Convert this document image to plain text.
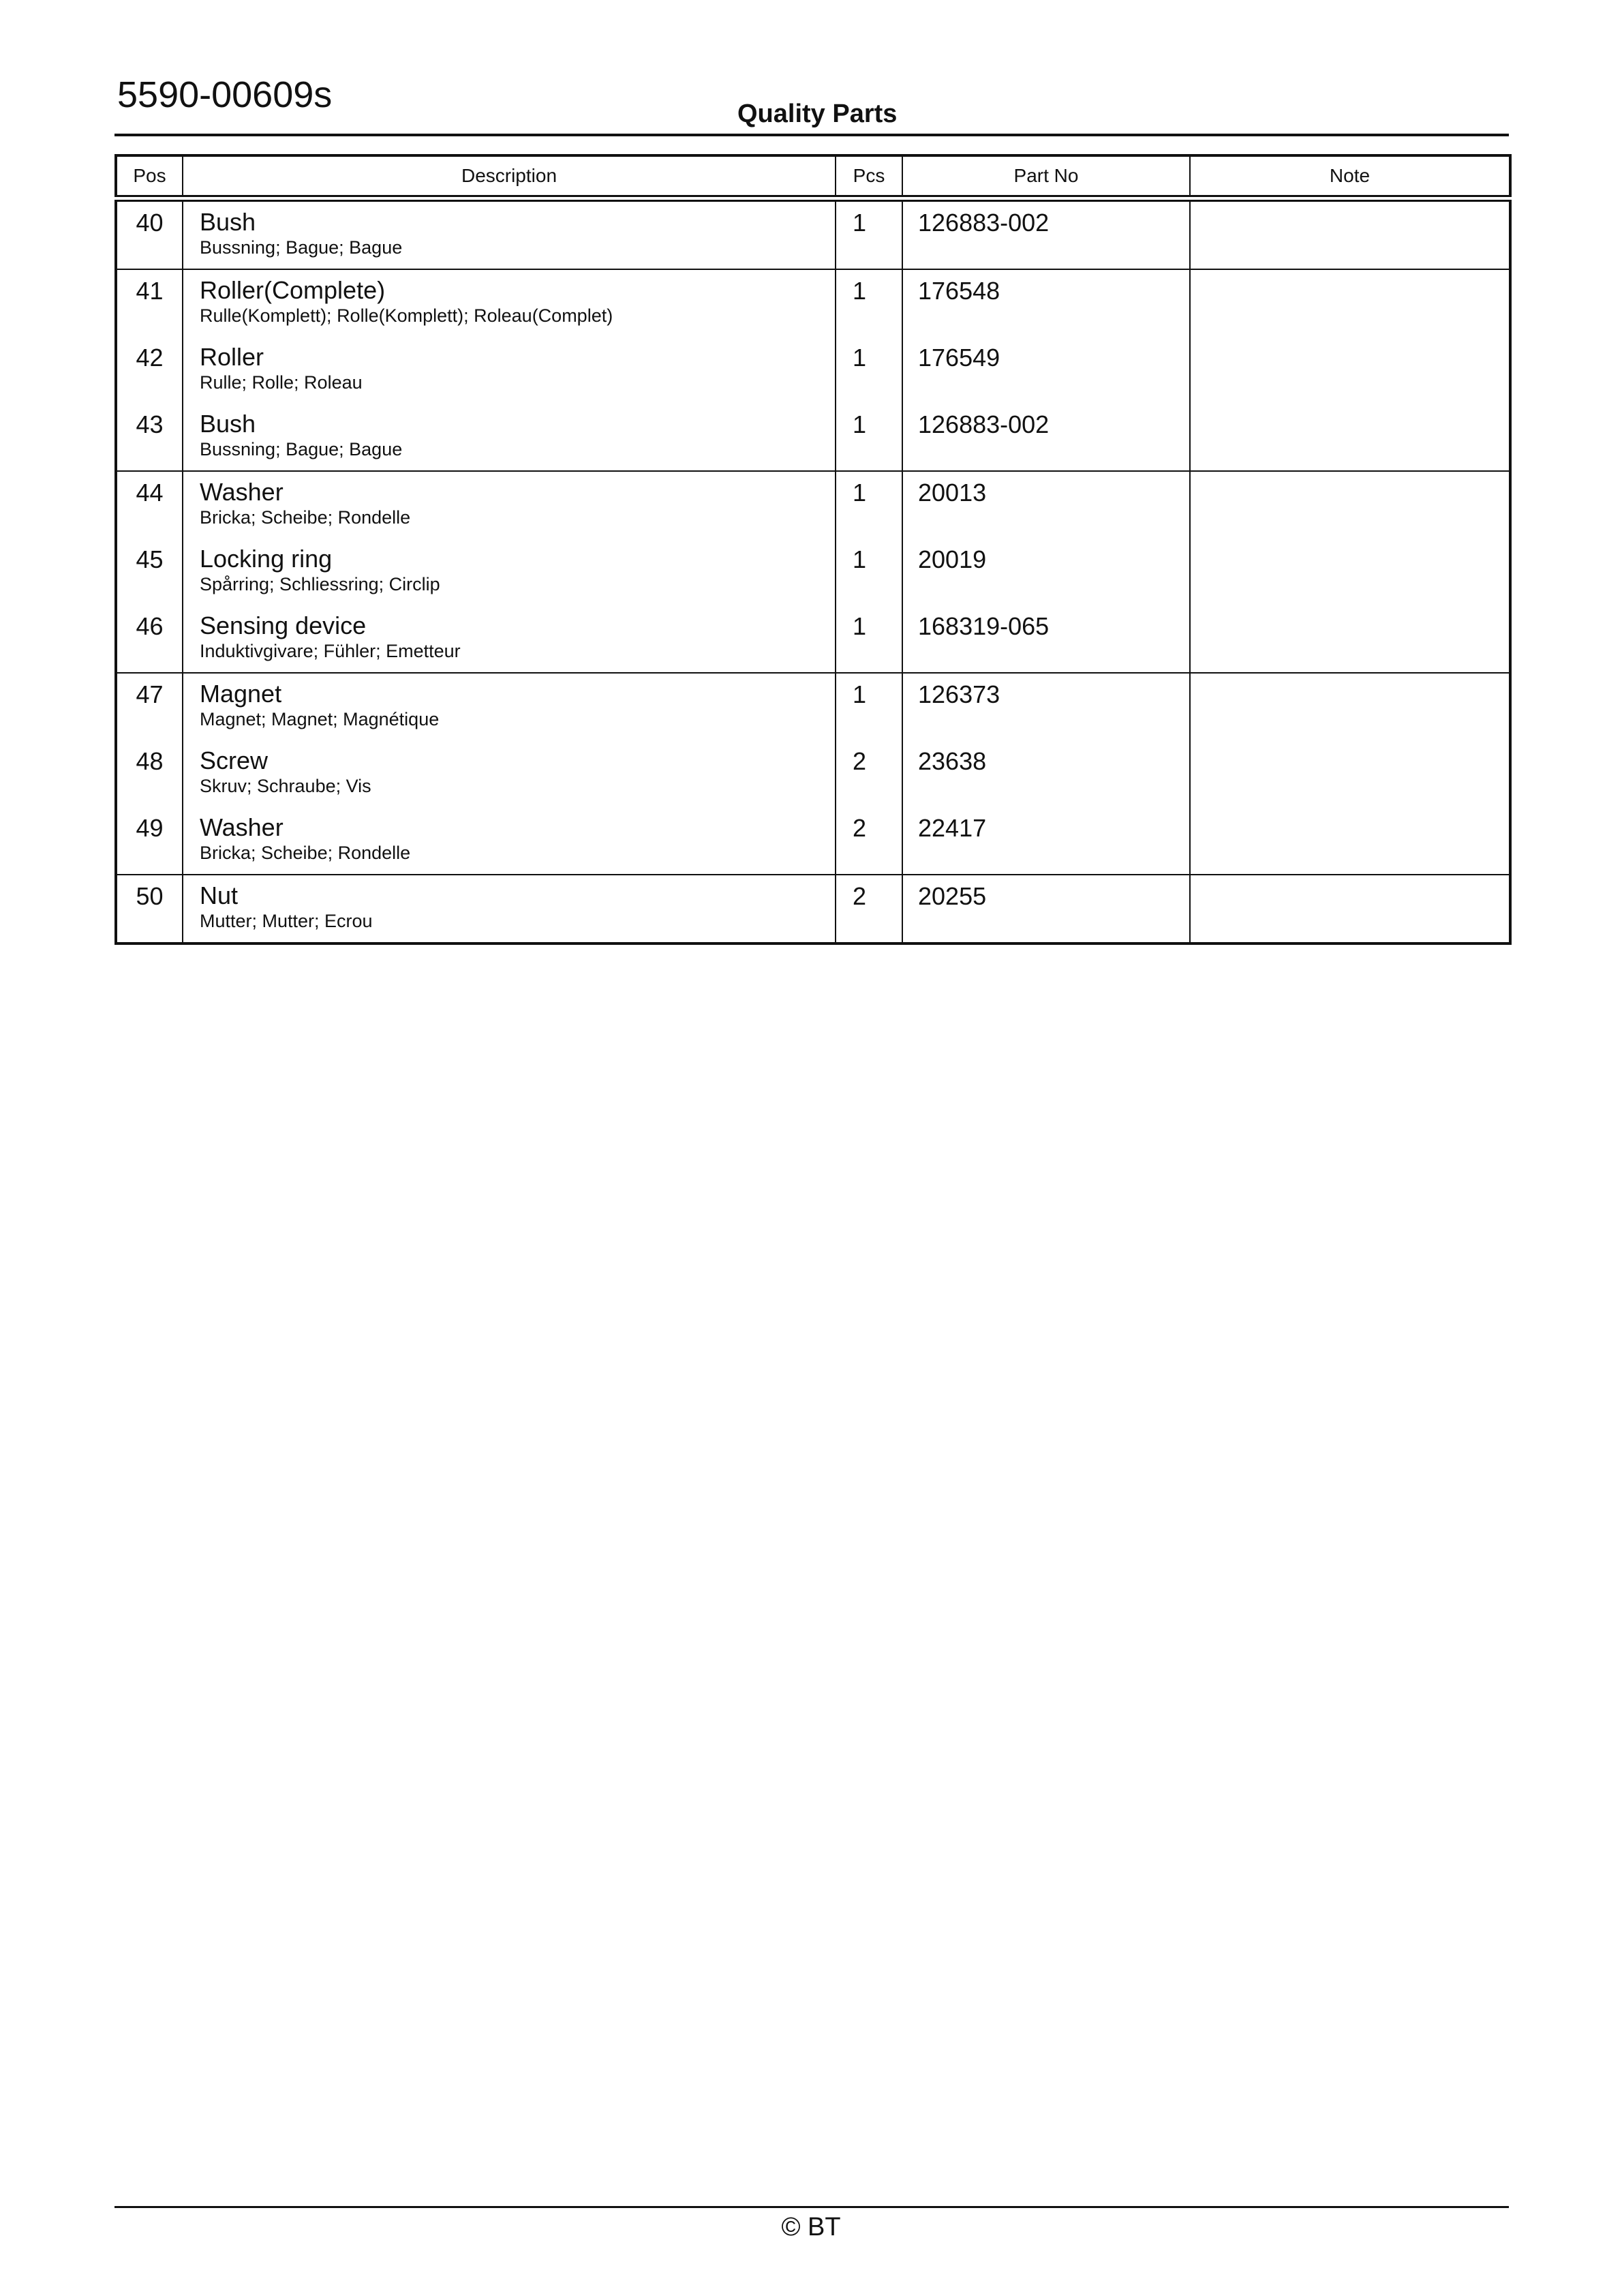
5590-00609s	Quality Parts
Pos	Description	Pcs	Part No	Note
40	Bush
Bussning; Bague; Bague	1	126883-002	
41	Roller(Complete)
Rulle(Komplett); Rolle(Komplett); Roleau(Complet)	1	176548	
42	Roller
Rulle; Rolle; Roleau	1	176549	
43	Bush
Bussning; Bague; Bague	1	126883-002	
44	Washer
Bricka; Scheibe; Rondelle	1	20013	
45	Locking ring
Spårring; Schliessring; Circlip	1	20019	
46	Sensing device
Induktivgivare; Fühler; Emetteur	1	168319-065	
47	Magnet
Magnet; Magnet; Magnétique	1	126373	
48	Screw
Skruv; Schraube; Vis	2	23638	
49	Washer
Bricka; Scheibe; Rondelle	2	22417	
50	Nut
Mutter; Mutter; Ecrou	2	20255	
© BT
